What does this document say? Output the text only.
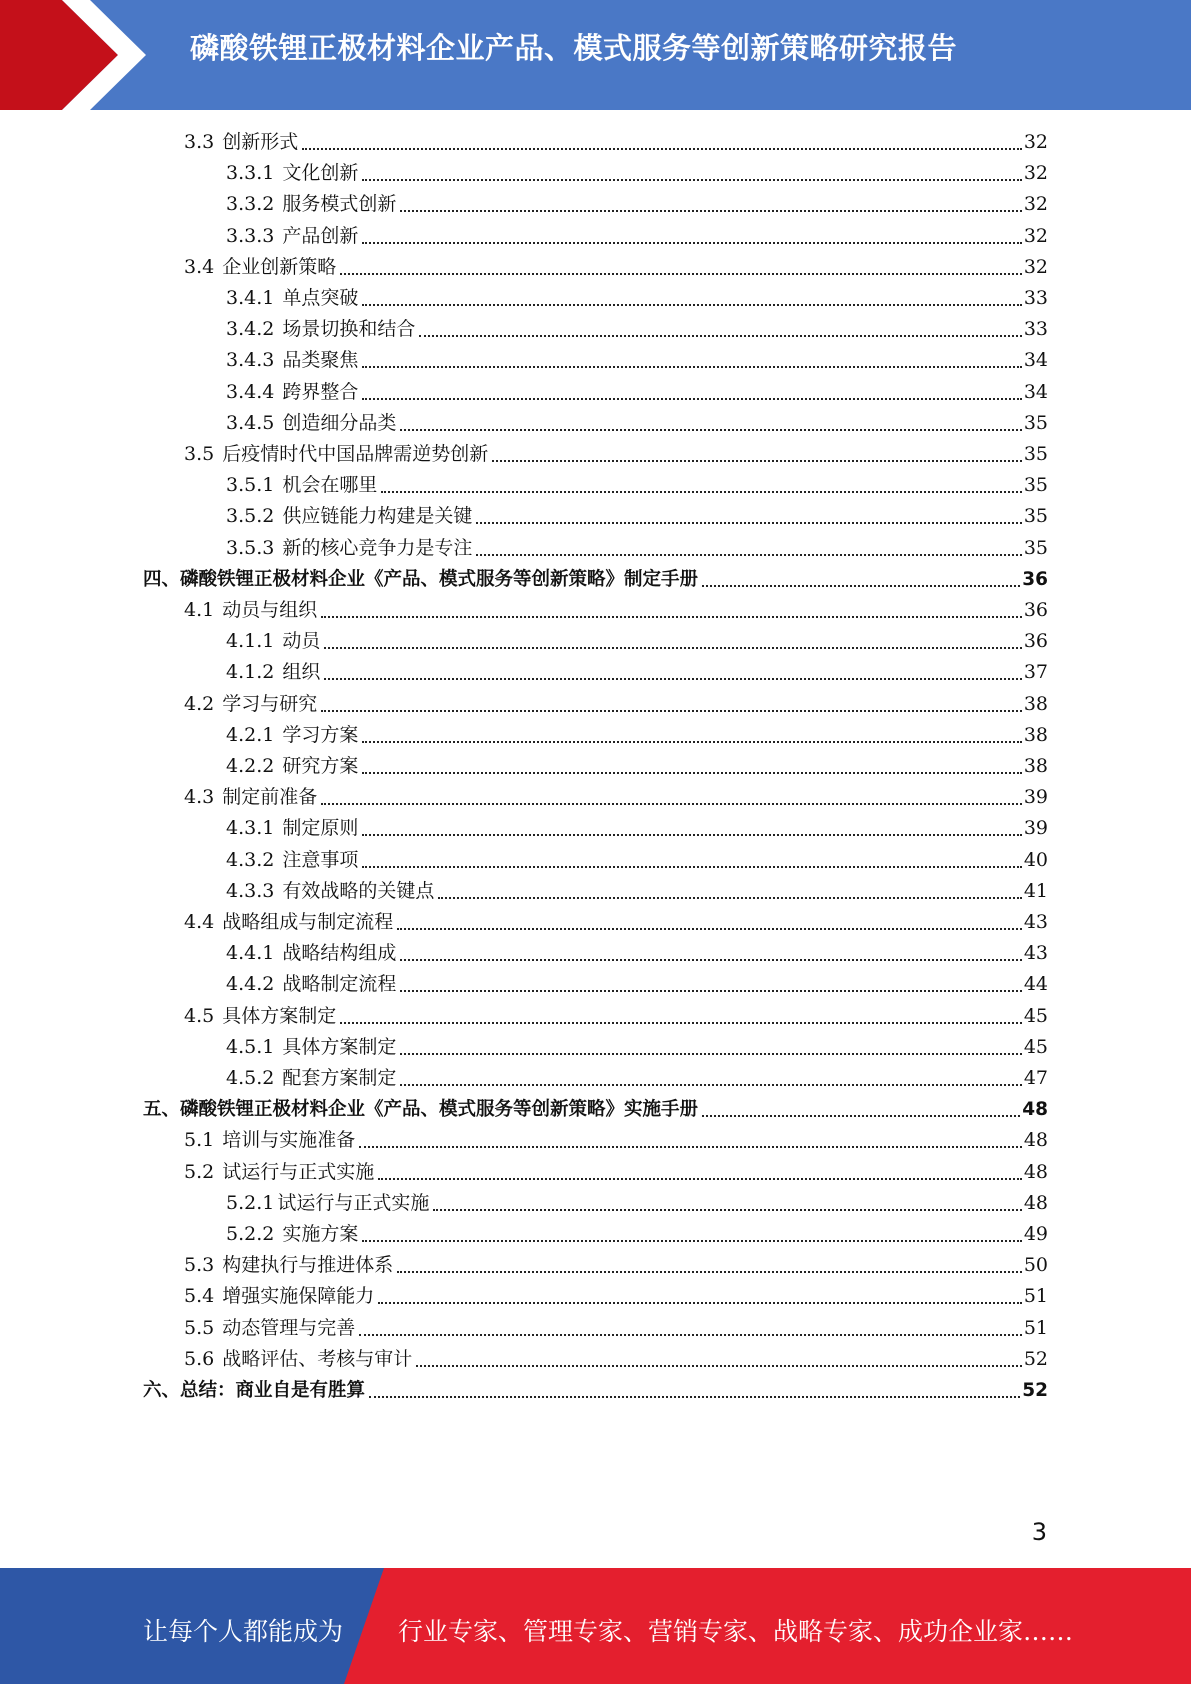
磷酸铁锂正极材料企业产品、模式服务等创新策略研究报告
3.3 创新形式	32
3.3.1 文化创新	32
3.3.2 服务模式创新	32
3.3.3 产品创新	32
3.4 企业创新策略	32
3.4.1 单点突破	33
3.4.2 场景切换和结合	33
3.4.3 品类聚焦	34
3.4.4 跨界整合	34
3.4.5 创造细分品类	35
3.5 后疫情时代中国品牌需逆势创新	35
3.5.1 机会在哪里	35
3.5.2 供应链能力构建是关键	35
3.5.3 新的核心竞争力是专注	35
四、 磷酸铁锂正极材料企业《产品、模式服务等创新策略》制定手册	36
4.1 动员与组织	36
4.1.1 动员	36
4.1.2 组织	37
4.2 学习与研究	38
4.2.1 学习方案	38
4.2.2 研究方案	38
4.3 制定前准备	39
4.3.1 制定原则	39
4.3.2 注意事项	40
4.3.3 有效战略的关键点	41
4.4 战略组成与制定流程	43
4.4.1 战略结构组成	43
4.4.2 战略制定流程	44
4.5 具体方案制定	45
4.5.1 具体方案制定	45
4.5.2 配套方案制定	47
五、 磷酸铁锂正极材料企业《产品、模式服务等创新策略》实施手册	48
5.1 培训与实施准备	48
5.2 试运行与正式实施	48
5.2.1 试运行与正式实施	48
5.2.2 实施方案	49
5.3 构建执行与推进体系	50
5.4 增强实施保障能力	51
5.5 动态管理与完善	51
5.6 战略评估、考核与审计	52
六、 总结：商业自是有胜算	52
3
让每个人都能成为 行业专家、管理专家、营销专家、战略专家、成功企业家……
